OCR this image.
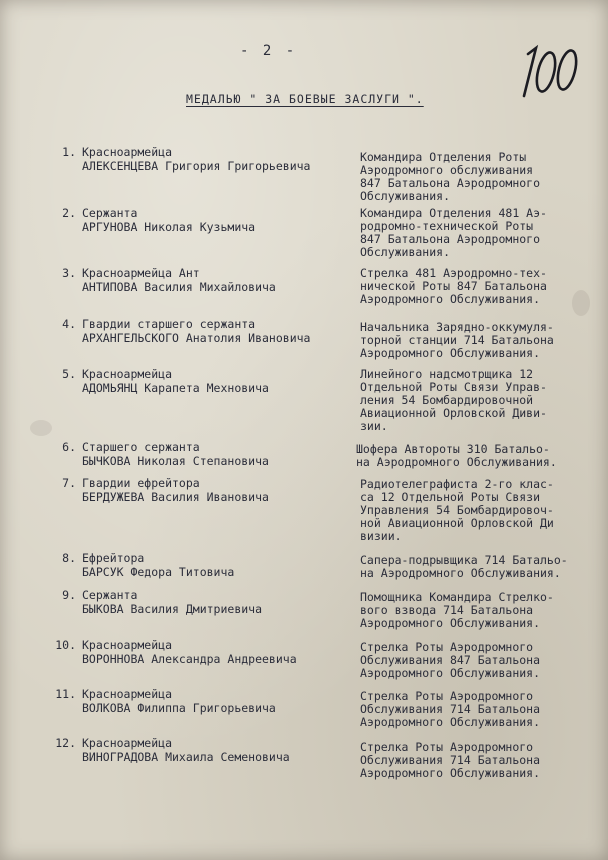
- 2 -
МЕДАЛЬЮ " ЗА БОЕВЫЕ ЗАСЛУГИ ".
1. Красноармейца
АЛЕКСЕНЦЕВА Григория Григорьевича
Командира Отделения Роты
Аэродромного обслуживания
847 Батальона Аэродромного
Обслуживания.
2. Сержанта
АРГУНОВА Николая Кузьмича
Командира Отделения 481 Аэ-
родромно-технической Роты
847 Батальона Аэродромного
Обслуживания.
3. Красноармейца Ант
АНТИПОВА Василия Михайловича
Стрелка 481 Аэродромно-тех-
нической Роты 847 Батальона
Аэродромного Обслуживания.
4. Гвардии старшего сержанта
АРХАНГЕЛЬСКОГО Анатолия Ивановича
Начальника Зарядно-оккумуля-
торной станции 714 Батальона
Аэродромного Обслуживания.
5. Красноармейца
АДОМЬЯНЦ Карапета Мехновича
Линейного надсмотрщика 12
Отдельной Роты Связи Управ-
ления 54 Бомбардировочной
Авиационной Орловской Диви-
зии.
6. Старшего сержанта
БЫЧКОВА Николая Степановича
Шофера Автороты 310 Батальо-
на Аэродромного Обслуживания.
7. Гвардии ефрейтора
БЕРДУЖЕВА Василия Ивановича
Радиотелеграфиста 2-го клас-
са 12 Отдельной Роты Связи
Управления 54 Бомбардировоч-
ной Авиационной Орловской Ди
визии.
8. Ефрейтора
БАРСУК Федора Титовича
Сапера-подрывщика 714 Батальо-
на Аэродромного Обслуживания.
9. Сержанта
БЫКОВА Василия Дмитриевича
Помощника Командира Стрелко-
вого взвода 714 Батальона
Аэродромного Обслуживания.
10. Красноармейца
ВОРОННОВА Александра Андреевича
Стрелка Роты Аэродромного
Обслуживания 847 Батальона
Аэродромного Обслуживания.
11. Красноармейца
ВОЛКОВА Филиппа Григорьевича
Стрелка Роты Аэродромного
Обслуживания 714 Батальона
Аэродромного Обслуживания.
12. Красноармейца
ВИНОГРАДОВА Михаила Семеновича
Стрелка Роты Аэродромного
Обслуживания 714 Батальона
Аэродромного Обслуживания.
